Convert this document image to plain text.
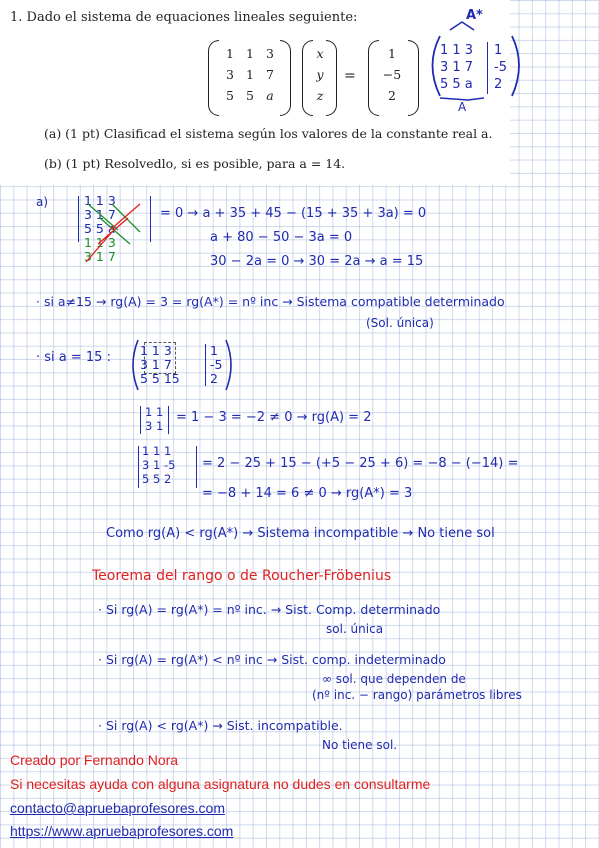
1. Dado el sistema de equaciones lineales seguiente:
1 1 3
3 1 7
5 5 a
x
y
z
=
1
−5
2
(a) (1 pt) Clasificad el sistema según los valores de la constante real a.
(b) (1 pt) Resolvedlo, si es posible, para a = 14.
A*
1 1 3
3 1 7
5 5 a
1
-5
2
A
a)	1 1 3
3 1 7
5 5 a
1 1 3
3 1 7
= 0 → a + 35 + 45 − (15 + 35 + 3a) = 0
a + 80 − 50 − 3a = 0
30 − 2a = 0 → 30 = 2a → a = 15
· si a≠15 → rg(A) = 3 = rg(A*) = nº inc → Sistema compatible determinado
(Sol. única)
· si a = 15 : 1 1 3
3 1 7
5 5 15
1
-5
2
1 1
3 1
= 1 − 3 = −2 ≠ 0 → rg(A) = 2
1 1 1
3 1 -5
5 5 2
= 2 − 25 + 15 − (+5 − 25 + 6) = −8 − (−14) =
= −8 + 14 = 6 ≠ 0 → rg(A*) = 3
Como rg(A) < rg(A*) → Sistema incompatible → No tiene sol
Teorema del rango o de Roucher-Fröbenius
· Si rg(A) = rg(A*) = nº inc. → Sist. Comp. determinado
sol. única
· Si rg(A) = rg(A*) < nº inc → Sist. comp. indeterminado
∞ sol. que dependen de
(nº inc. − rango) parámetros libres
· Si rg(A) < rg(A*) → Sist. incompatible.
No tiene sol.
Creado por Fernando Nora
Si necesitas ayuda con alguna asignatura no dudes en consultarme
contacto@apruebaprofesores.com
https://www.apruebaprofesores.com
